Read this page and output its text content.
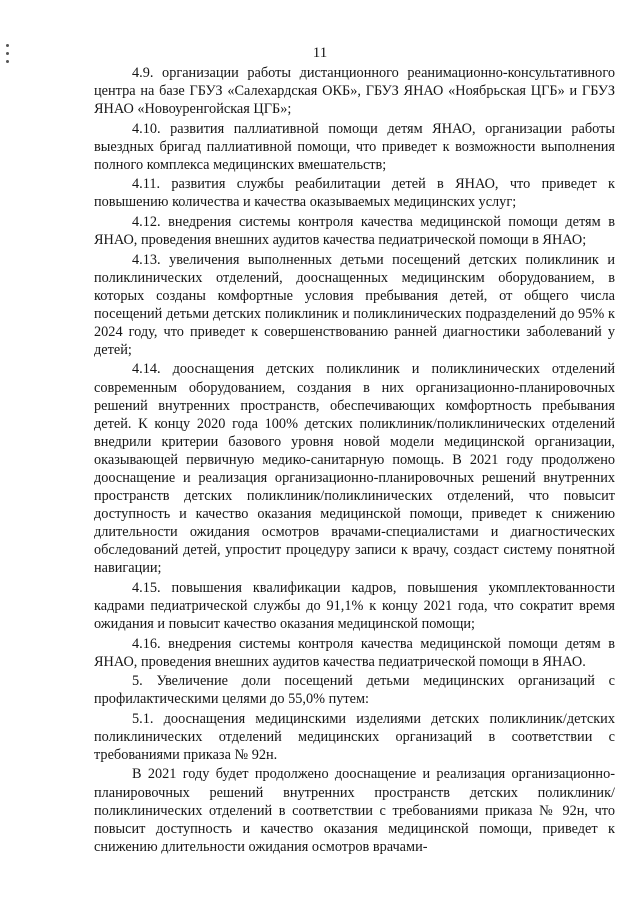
11

4.9. организации работы дистанционного реанимационно-консультативного центра на базе ГБУЗ «Салехардская ОКБ», ГБУЗ ЯНАО «Ноябрьская ЦГБ» и ГБУЗ ЯНАО «Новоуренгойская ЦГБ»;

4.10. развития паллиативной помощи детям ЯНАО, организации работы выездных бригад паллиативной помощи, что приведет к возможности выполнения полного комплекса медицинских вмешательств;

4.11. развития службы реабилитации детей в ЯНАО, что приведет к повышению количества и качества оказываемых медицинских услуг;

4.12. внедрения системы контроля качества медицинской помощи детям в ЯНАО, проведения внешних аудитов качества педиатрической помощи в ЯНАО;

4.13. увеличения выполненных детьми посещений детских поликлиник и поликлинических отделений, дооснащенных медицинским оборудованием, в которых созданы комфортные условия пребывания детей, от общего числа посещений детьми детских поликлиник и поликлинических подразделений до 95% к 2024 году, что приведет к совершенствованию ранней диагностики заболеваний у детей;

4.14. дооснащения детских поликлиник и поликлинических отделений современным оборудованием, создания в них организационно-планировочных решений внутренних пространств, обеспечивающих комфортность пребывания детей. К концу 2020 года 100% детских поликлиник/поликлинических отделений внедрили критерии базового уровня новой модели медицинской организации, оказывающей первичную медико-санитарную помощь. В 2021 году продолжено дооснащение и реализация организационно-планировочных решений внутренних пространств детских поликлиник/поликлинических отделений, что повысит доступность и качество оказания медицинской помощи, приведет к снижению длительности ожидания осмотров врачами-специалистами и диагностических обследований детей, упростит процедуру записи к врачу, создаст систему понятной навигации;

4.15. повышения квалификации кадров, повышения укомплектованности кадрами педиатрической службы до 91,1% к концу 2021 года, что сократит время ожидания и повысит качество оказания медицинской помощи;

4.16. внедрения системы контроля качества медицинской помощи детям в ЯНАО, проведения внешних аудитов качества педиатрической помощи в ЯНАО.

5. Увеличение доли посещений детьми медицинских организаций с профилактическими целями до 55,0% путем:

5.1. дооснащения медицинскими изделиями детских поликлиник/детских поликлинических отделений медицинских организаций в соответствии с требованиями приказа № 92н.

В 2021 году будет продолжено дооснащение и реализация организационно-планировочных решений внутренних пространств детских поликлиник/поликлинических отделений в соответствии с требованиями приказа № 92н, что повысит доступность и качество оказания медицинской помощи, приведет к снижению длительности ожидания осмотров врачами-
